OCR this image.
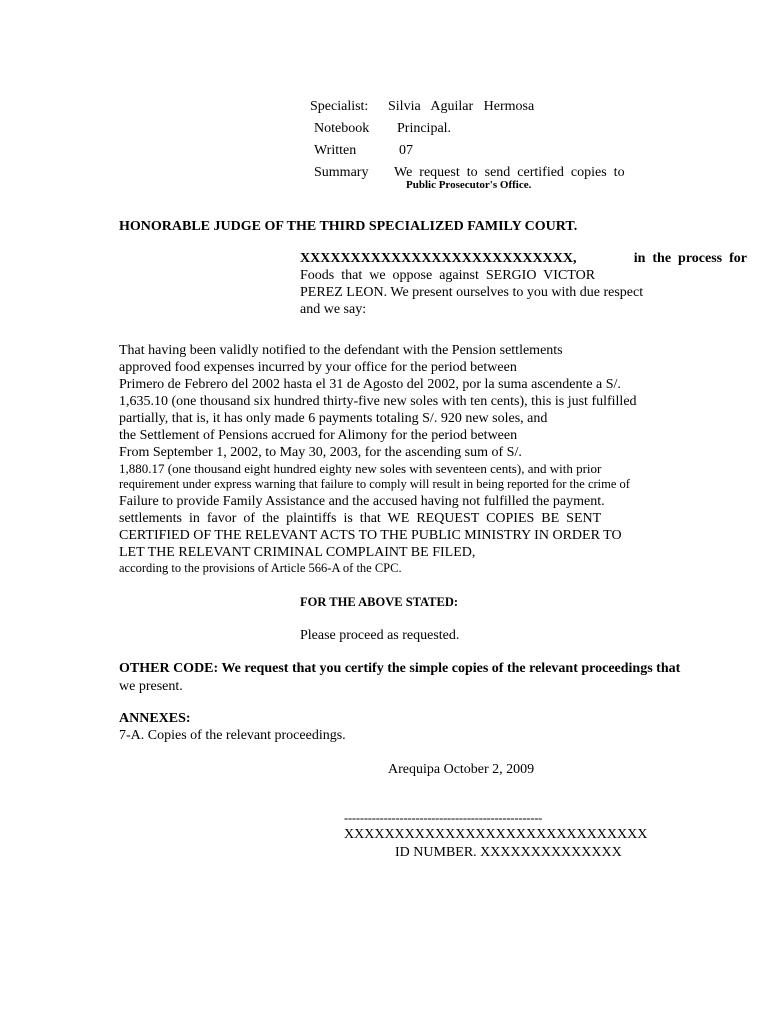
Specialist: Silvia   Aguilar   Hermosa
Notebook Principal.
Written	07
Summary We  request  to  send  certified  copies  to
Public Prosecutor's Office.
HONORABLE JUDGE OF THE THIRD SPECIALIZED FAMILY COURT.
XXXXXXXXXXXXXXXXXXXXXXXXXXX,	in  the  process  for
Foods  that  we  oppose  against  SERGIO  VICTOR
PEREZ LEON. We present ourselves to you with due respect
and we say:
That having been validly notified to the defendant with the Pension settlements
approved food expenses incurred by your office for the period between
Primero de Febrero del 2002 hasta el 31 de Agosto del 2002, por la suma ascendente a S/.
1,635.10 (one thousand six hundred thirty-five new soles with ten cents), this is just fulfilled
partially, that is, it has only made 6 payments totaling S/. 920 new soles, and
the Settlement of Pensions accrued for Alimony for the period between
From September 1, 2002, to May 30, 2003, for the ascending sum of S/.
1,880.17 (one thousand eight hundred eighty new soles with seventeen cents), and with prior
requirement under express warning that failure to comply will result in being reported for the crime of
Failure to provide Family Assistance and the accused having not fulfilled the payment.
settlements  in  favor  of  the  plaintiffs  is  that  WE  REQUEST  COPIES  BE  SENT
CERTIFIED OF THE RELEVANT ACTS TO THE PUBLIC MINISTRY IN ORDER TO
LET THE RELEVANT CRIMINAL COMPLAINT BE FILED,
according to the provisions of Article 566-A of the CPC.
FOR THE ABOVE STATED:
Please proceed as requested.
OTHER CODE: We request that you certify the simple copies of the relevant proceedings that
we present.
ANNEXES:
7-A. Copies of the relevant proceedings.
Arequipa October 2, 2009
--------------------------------------------------
XXXXXXXXXXXXXXXXXXXXXXXXXXXXXX
ID NUMBER. XXXXXXXXXXXXXX
